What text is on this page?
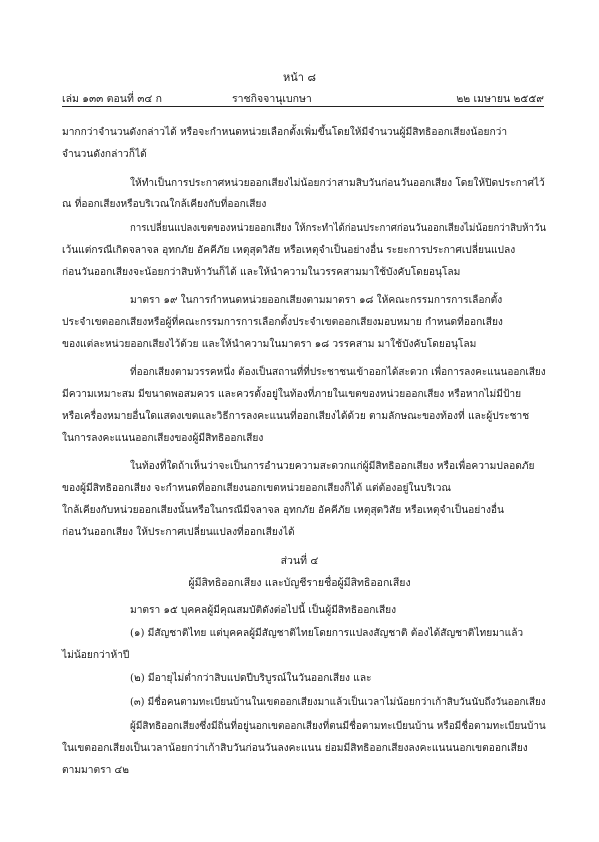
หน้า ๘
เล่ม ๑๓๓ ตอนที่ ๓๔ ก	ราชกิจจานุเบกษา	๒๒ เมษายน ๒๕๕๙
มากกว่าจำนวนดังกล่าวได้ หรือจะกำหนดหน่วยเลือกตั้งเพิ่มขึ้นโดยให้มีจำนวนผู้มีสิทธิออกเสียงน้อยกว่า
จำนวนดังกล่าวก็ได้
ให้ทำเป็นการประกาศหน่วยออกเสียงไม่น้อยกว่าสามสิบวันก่อนวันออกเสียง โดยให้ปิดประกาศไว้
ณ ที่ออกเสียงหรือบริเวณใกล้เคียงกับที่ออกเสียง
การเปลี่ยนแปลงเขตของหน่วยออกเสียง ให้กระทำได้ก่อนประกาศก่อนวันออกเสียงไม่น้อยกว่าสิบห้าวัน
เว้นแต่กรณีเกิดจลาจล อุทกภัย อัคคีภัย เหตุสุดวิสัย หรือเหตุจำเป็นอย่างอื่น ระยะการประกาศเปลี่ยนแปลง
ก่อนวันออกเสียงจะน้อยกว่าสิบห้าวันก็ได้ และให้นำความในวรรคสามมาใช้บังคับโดยอนุโลม
มาตรา ๑๙ ในการกำหนดหน่วยออกเสียงตามมาตรา ๑๘ ให้คณะกรรมการการเลือกตั้ง
ประจำเขตออกเสียงหรือผู้ที่คณะกรรมการการเลือกตั้งประจำเขตออกเสียงมอบหมาย กำหนดที่ออกเสียง
ของแต่ละหน่วยออกเสียงไว้ด้วย และให้นำความในมาตรา ๑๘ วรรคสาม มาใช้บังคับโดยอนุโลม
ที่ออกเสียงตามวรรคหนึ่ง ต้องเป็นสถานที่ที่ประชาชนเข้าออกได้สะดวก เพื่อการลงคะแนนออกเสียง
มีความเหมาะสม มีขนาดพอสมควร และควรตั้งอยู่ในท้องที่ภายในเขตของหน่วยออกเสียง หรือหากไม่มีป้าย
หรือเครื่องหมายอื่นใดแสดงเขตและวิธีการลงคะแนนที่ออกเสียงได้ด้วย ตามลักษณะของท้องที่ และผู้ประชาช
ในการลงคะแนนออกเสียงของผู้มีสิทธิออกเสียง
ในท้องที่ใดถ้าเห็นว่าจะเป็นการอำนวยความสะดวกแก่ผู้มีสิทธิออกเสียง หรือเพื่อความปลอดภัย
ของผู้มีสิทธิออกเสียง จะกำหนดที่ออกเสียงนอกเขตหน่วยออกเสียงก็ได้ แต่ต้องอยู่ในบริเวณ
ใกล้เคียงกับหน่วยออกเสียงนั้นหรือในกรณีมีจลาจล อุทกภัย อัคคีภัย เหตุสุดวิสัย หรือเหตุจำเป็นอย่างอื่น
ก่อนวันออกเสียง ให้ประกาศเปลี่ยนแปลงที่ออกเสียงได้
ส่วนที่ ๔
ผู้มีสิทธิออกเสียง และบัญชีรายชื่อผู้มีสิทธิออกเสียง
มาตรา ๑๕ บุคคลผู้มีคุณสมบัติดังต่อไปนี้ เป็นผู้มีสิทธิออกเสียง
(๑) มีสัญชาติไทย แต่บุคคลผู้มีสัญชาติไทยโดยการแปลงสัญชาติ ต้องได้สัญชาติไทยมาแล้ว
ไม่น้อยกว่าห้าปี
(๒) มีอายุไม่ต่ำกว่าสิบแปดปีบริบูรณ์ในวันออกเสียง และ
(๓) มีชื่อคนตามทะเบียนบ้านในเขตออกเสียงมาแล้วเป็นเวลาไม่น้อยกว่าเก้าสิบวันนับถึงวันออกเสียง
ผู้มีสิทธิออกเสียงซึ่งมีถิ่นที่อยู่นอกเขตออกเสียงที่ตนมีชื่อตามทะเบียนบ้าน หรือมีชื่อตามทะเบียนบ้าน
ในเขตออกเสียงเป็นเวลาน้อยกว่าเก้าสิบวันก่อนวันลงคะแนน ย่อมมีสิทธิออกเสียงลงคะแนนนอกเขตออกเสียง
ตามมาตรา ๔๒
